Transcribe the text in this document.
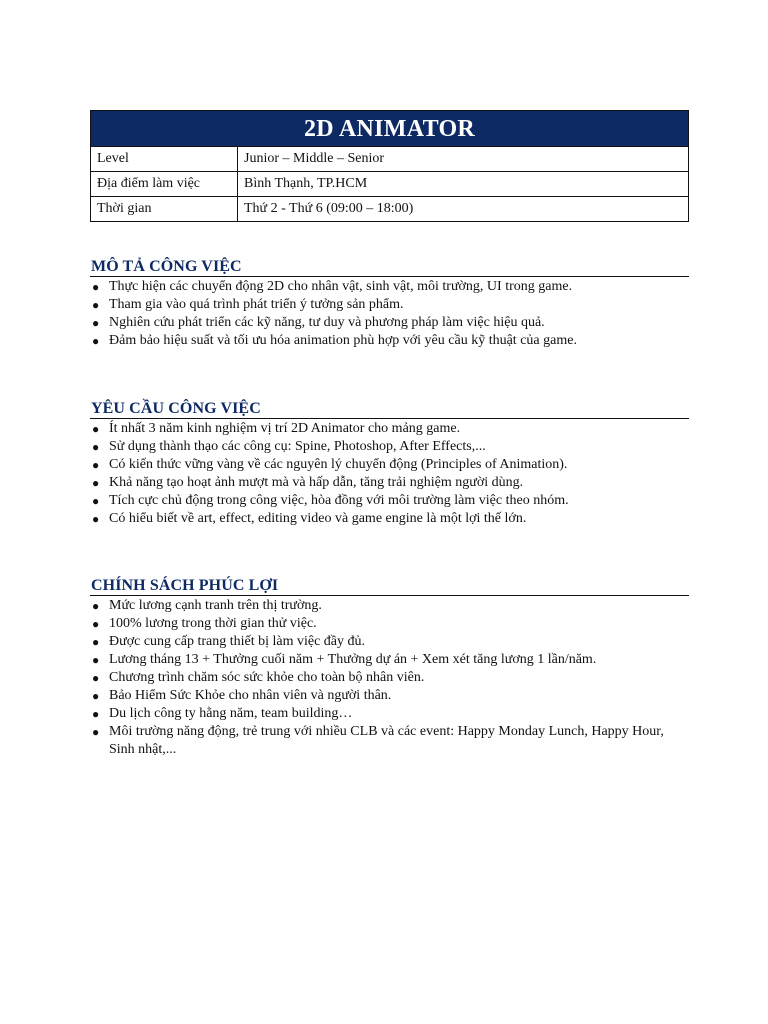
2D ANIMATOR	
Level	Junior – Middle – Senior
Địa điểm làm việc	Bình Thạnh, TP.HCM
Thời gian	Thứ 2 - Thứ 6 (09:00 – 18:00)
MÔ TẢ CÔNG VIỆC
● Thực hiện các chuyển động 2D cho nhân vật, sinh vật, môi trường, UI trong game.
● Tham gia vào quá trình phát triển ý tưởng sản phẩm.
● Nghiên cứu phát triển các kỹ năng, tư duy và phương pháp làm việc hiệu quả.
● Đảm bảo hiệu suất và tối ưu hóa animation phù hợp với yêu cầu kỹ thuật của game.
YÊU CẦU CÔNG VIỆC
● Ít nhất 3 năm kinh nghiệm vị trí 2D Animator cho mảng game.
● Sử dụng thành thạo các công cụ: Spine, Photoshop, After Effects,...
● Có kiến thức vững vàng về các nguyên lý chuyển động (Principles of Animation).
● Khả năng tạo hoạt ảnh mượt mà và hấp dẫn, tăng trải nghiệm người dùng.
● Tích cực chủ động trong công việc, hòa đồng với môi trường làm việc theo nhóm.
● Có hiểu biết về art, effect, editing video và game engine là một lợi thế lớn.
CHÍNH SÁCH PHÚC LỢI
● Mức lương cạnh tranh trên thị trường.
● 100% lương trong thời gian thử việc.
● Được cung cấp trang thiết bị làm việc đầy đủ.
● Lương tháng 13 + Thưởng cuối năm + Thưởng dự án + Xem xét tăng lương 1 lần/năm.
● Chương trình chăm sóc sức khỏe cho toàn bộ nhân viên.
● Bảo Hiểm Sức Khỏe cho nhân viên và người thân.
● Du lịch công ty hằng năm, team building…
● Môi trường năng động, trẻ trung với nhiều CLB và các event: Happy Monday Lunch, Happy Hour, Sinh nhật,...
